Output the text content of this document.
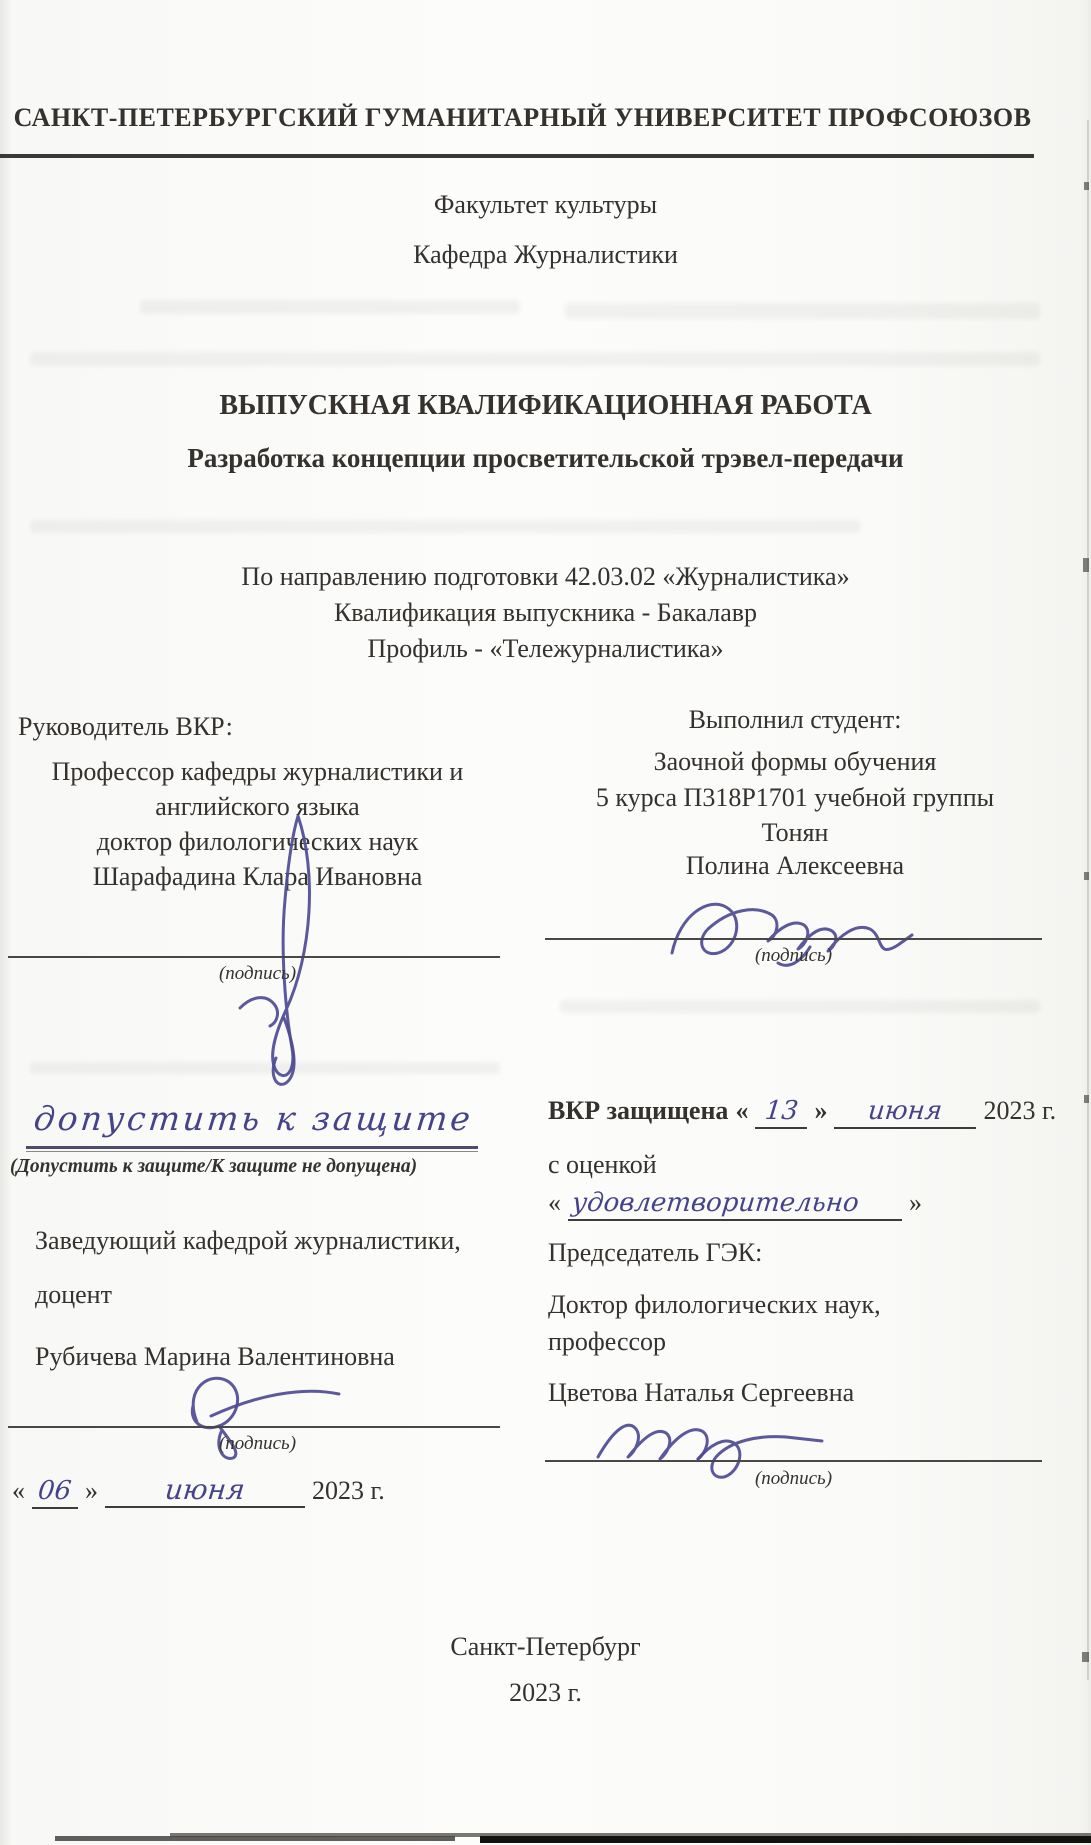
САНКТ-ПЕТЕРБУРГСКИЙ ГУМАНИТАРНЫЙ УНИВЕРСИТЕТ ПРОФСОЮЗОВ
Факультет культуры
Кафедра Журналистики
ВЫПУСКНАЯ КВАЛИФИКАЦИОННАЯ РАБОТА
Разработка концепции просветительской трэвел-передачи
По направлению подготовки 42.03.02 «Журналистика»
Квалификация выпускника - Бакалавр
Профиль - «Тележурналистика»
Руководитель ВКР:
Профессор кафедры журналистики и
английского языка
доктор филологических наук
Шарафадина Клара Ивановна
(подпись)
Выполнил студент:
Заочной формы обучения
5 курса П318Р1701 учебной группы
Тонян
Полина Алексеевна
(подпись)
допустить к защите
(Допустить к защите/К защите не допущена)
ВКР защищена « 13 »	июня	2023 г.
с оценкой
« удовлетворительно	»
Заведующий кафедрой журналистики,
доцент
Рубичева Марина Валентиновна
(подпись)
« 06 »	июня	2023 г.
Председатель ГЭК:
Доктор филологических наук,
профессор
Цветова Наталья Сергеевна
(подпись)
Санкт-Петербург
2023 г.
